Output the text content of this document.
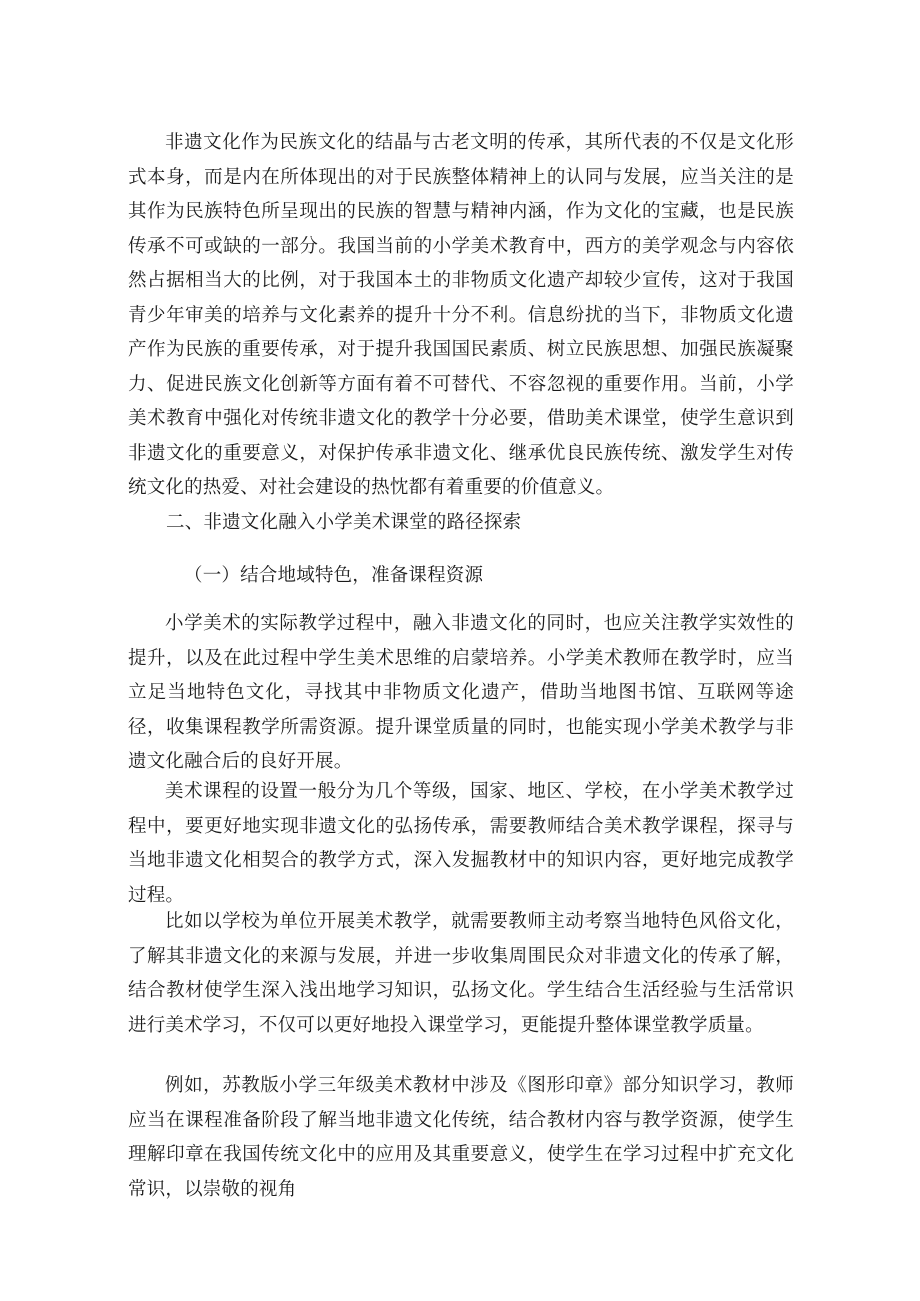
非遗文化作为民族文化的结晶与古老文明的传承，其所代表的不仅是文化形式本身，而是内在所体现出的对于民族整体精神上的认同与发展，应当关注的是其作为民族特色所呈现出的民族的智慧与精神内涵，作为文化的宝藏，也是民族传承不可或缺的一部分。我国当前的小学美术教育中，西方的美学观念与内容依然占据相当大的比例，对于我国本土的非物质文化遗产却较少宣传，这对于我国青少年审美的培养与文化素养的提升十分不利。信息纷扰的当下，非物质文化遗产作为民族的重要传承，对于提升我国国民素质、树立民族思想、加强民族凝聚力、促进民族文化创新等方面有着不可替代、不容忽视的重要作用。当前，小学美术教育中强化对传统非遗文化的教学十分必要，借助美术课堂，使学生意识到非遗文化的重要意义，对保护传承非遗文化、继承优良民族传统、激发学生对传统文化的热爱、对社会建设的热忱都有着重要的价值意义。

二、非遗文化融入小学美术课堂的路径探索

（一）结合地域特色，准备课程资源

小学美术的实际教学过程中，融入非遗文化的同时，也应关注教学实效性的提升，以及在此过程中学生美术思维的启蒙培养。小学美术教师在教学时，应当立足当地特色文化，寻找其中非物质文化遗产，借助当地图书馆、互联网等途径，收集课程教学所需资源。提升课堂质量的同时，也能实现小学美术教学与非遗文化融合后的良好开展。

美术课程的设置一般分为几个等级，国家、地区、学校，在小学美术教学过程中，要更好地实现非遗文化的弘扬传承，需要教师结合美术教学课程，探寻与当地非遗文化相契合的教学方式，深入发掘教材中的知识内容，更好地完成教学过程。

比如以学校为单位开展美术教学，就需要教师主动考察当地特色风俗文化，了解其非遗文化的来源与发展，并进一步收集周围民众对非遗文化的传承了解，结合教材使学生深入浅出地学习知识，弘扬文化。学生结合生活经验与生活常识进行美术学习，不仅可以更好地投入课堂学习，更能提升整体课堂教学质量。

例如，苏教版小学三年级美术教材中涉及《图形印章》部分知识学习，教师应当在课程准备阶段了解当地非遗文化传统，结合教材内容与教学资源，使学生理解印章在我国传统文化中的应用及其重要意义，使学生在学习过程中扩充文化常识，以崇敬的视角
